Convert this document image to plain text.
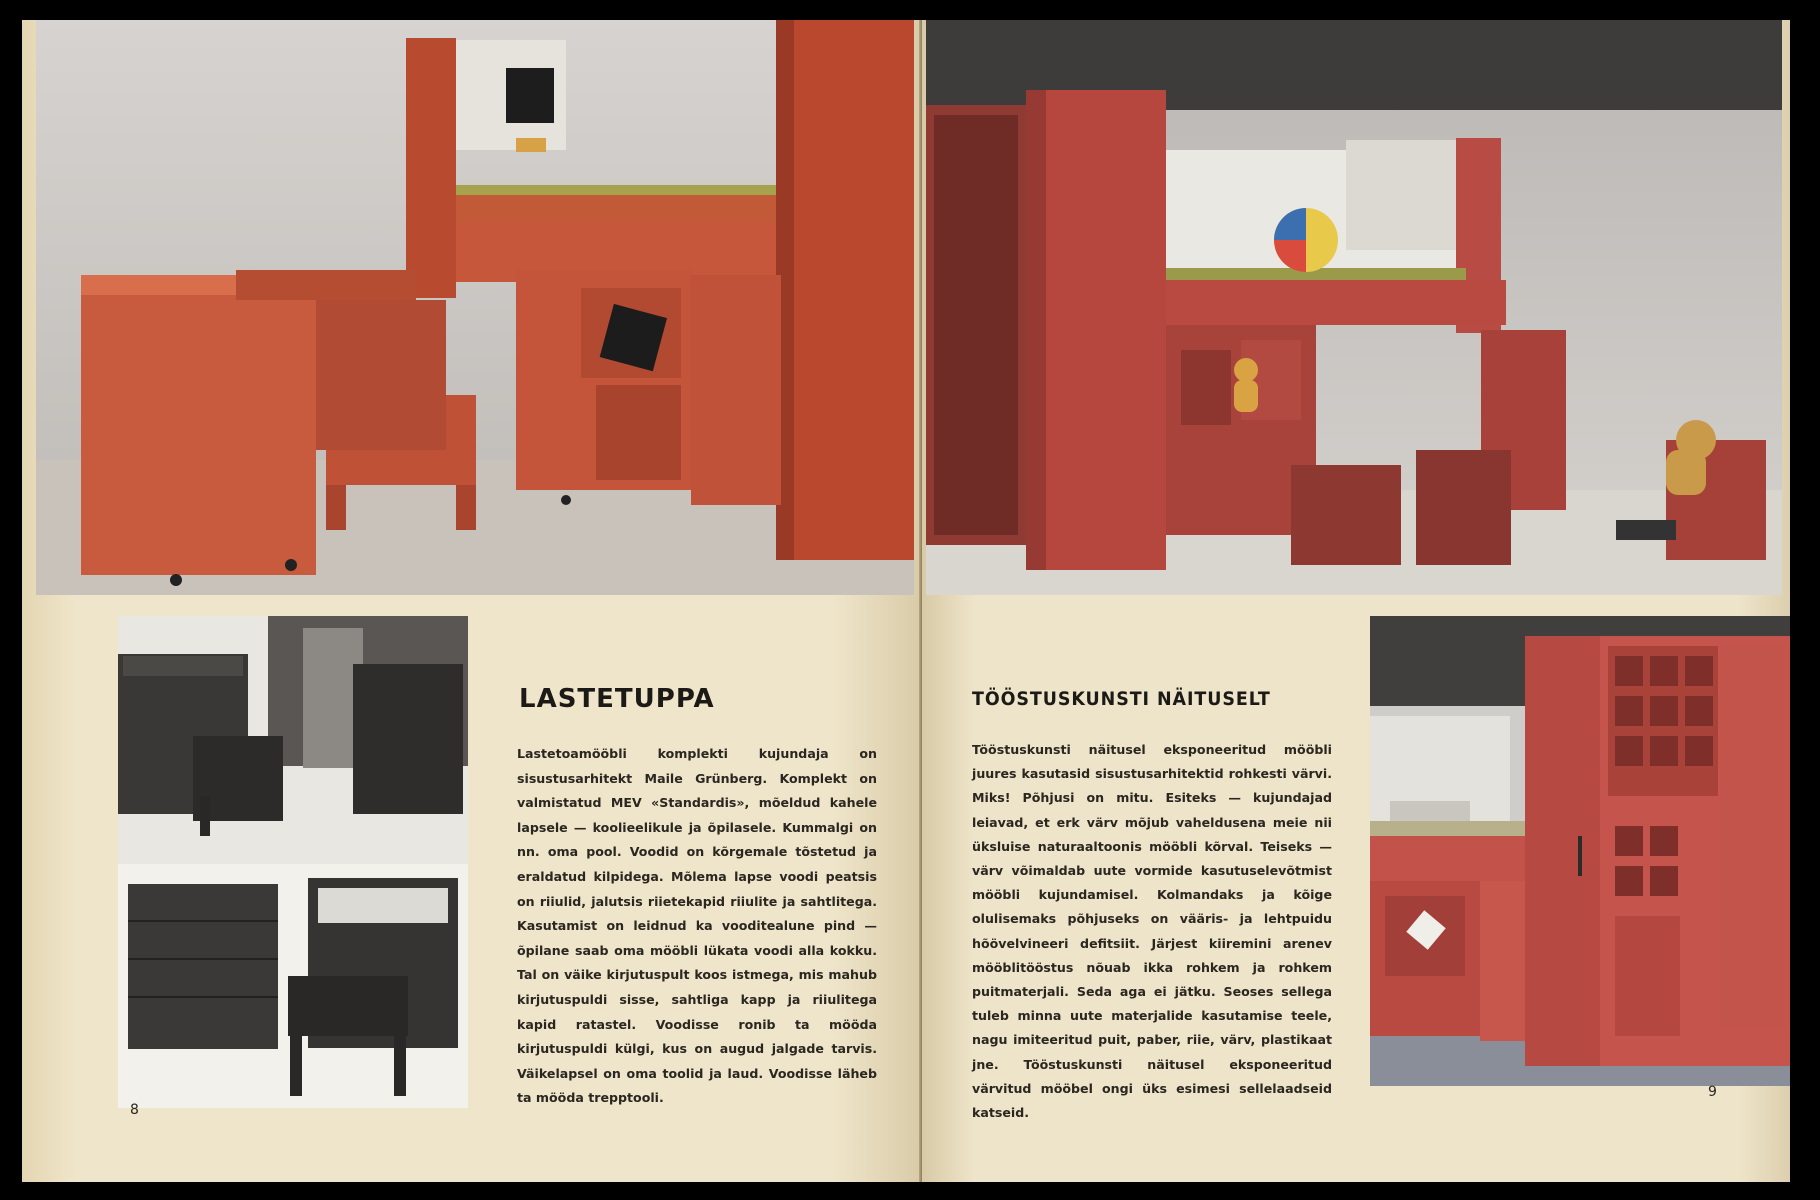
LASTETUPPA
Lastetoamööbli komplekti kujundaja on sisustusarhitekt Maile Grünberg. Komplekt on valmistatud MEV «Standardis», mõeldud kahele lapsele — koolieelikule ja õpilasele. Kummalgi on nn. oma pool. Voodid on kõrgemale tõstetud ja eraldatud kilpidega. Mõlema lapse voodi peatsis on riiulid, jalutsis riietekapid riiulite ja sahtlitega. Kasutamist on leidnud ka vooditealune pind — õpilane saab oma mööbli lükata voodi alla kokku. Tal on väike kirjutuspult koos istmega, mis mahub kirjutuspuldi sisse, sahtliga kapp ja riiulitega kapid ratastel. Voodisse ronib ta mööda kirjutuspuldi külgi, kus on augud jalgade tarvis. Väikelapsel on oma toolid ja laud. Voodisse läheb ta mööda trepptooli.
8
TÖÖSTUSKUNSTI NÄITUSELT
Tööstuskunsti näitusel eksponeeritud mööbli juures kasutasid sisustusarhitektid rohkesti värvi. Miks! Põhjusi on mitu. Esiteks — kujundajad leiavad, et erk värv mõjub vaheldusena meie nii üksluise naturaaltoonis mööbli kõrval. Teiseks — värv võimaldab uute vormide kasutuselevõtmist mööbli kujundamisel. Kolmandaks ja kõige olulisemaks põhjuseks on vääris- ja lehtpuidu hõövelvineeri defitsiit. Järjest kiiremini arenev mööblitööstus nõuab ikka rohkem ja rohkem puitmaterjali. Seda aga ei jätku. Seoses sellega tuleb minna uute materjalide kasutamise teele, nagu imiteeritud puit, paber, riie, värv, plastikaat jne. Tööstuskunsti näitusel eksponeeritud värvitud mööbel ongi üks esimesi sellelaadseid katseid.
9
